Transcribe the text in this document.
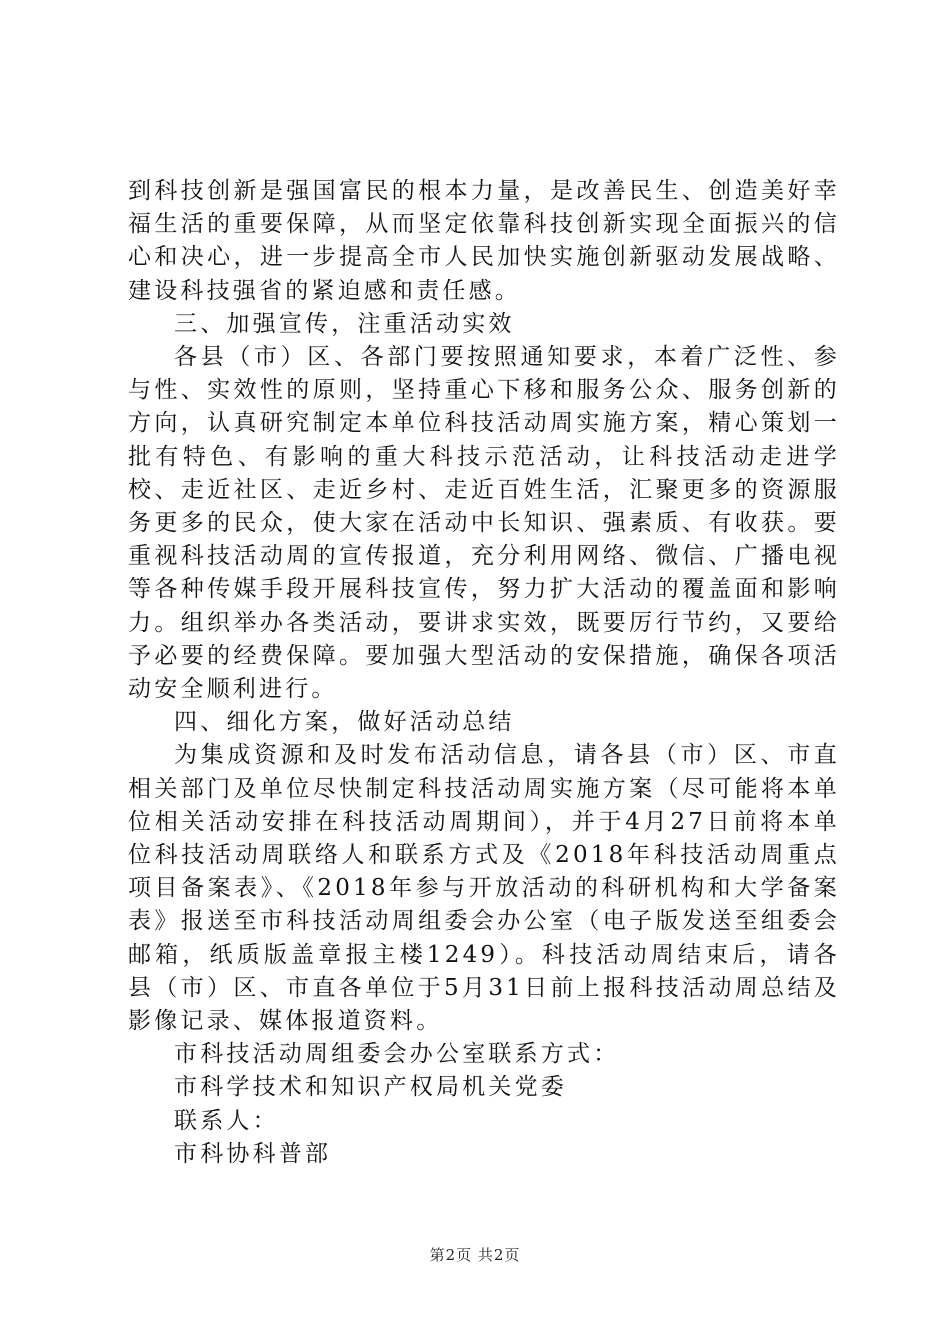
到科技创新是强国富民的根本力量，是改善民生、创造美好幸福生活的重要保障，从而坚定依靠科技创新实现全面振兴的信心和决心，进一步提高全市人民加快实施创新驱动发展战略、建设科技强省的紧迫感和责任感。

三、加强宣传，注重活动实效

各县（市）区、各部门要按照通知要求，本着广泛性、参与性、实效性的原则，坚持重心下移和服务公众、服务创新的方向，认真研究制定本单位科技活动周实施方案，精心策划一批有特色、有影响的重大科技示范活动，让科技活动走进学校、走近社区、走近乡村、走近百姓生活，汇聚更多的资源服务更多的民众，使大家在活动中长知识、强素质、有收获。要重视科技活动周的宣传报道，充分利用网络、微信、广播电视等各种传媒手段开展科技宣传，努力扩大活动的覆盖面和影响力。组织举办各类活动，要讲求实效，既要厉行节约，又要给予必要的经费保障。要加强大型活动的安保措施，确保各项活动安全顺利进行。

四、细化方案，做好活动总结

为集成资源和及时发布活动信息，请各县（市）区、市直相关部门及单位尽快制定科技活动周实施方案（尽可能将本单位相关活动安排在科技活动周期间），并于4月27日前将本单位科技活动周联络人和联系方式及《2018年科技活动周重点项目备案表》、《2018年参与开放活动的科研机构和大学备案表》报送至市科技活动周组委会办公室（电子版发送至组委会邮箱，纸质版盖章报主楼1249）。科技活动周结束后，请各县（市）区、市直各单位于5月31日前上报科技活动周总结及影像记录、媒体报道资料。

市科技活动周组委会办公室联系方式：

市科学技术和知识产权局机关党委

联系人：

市科协科普部

第2页 共2页
